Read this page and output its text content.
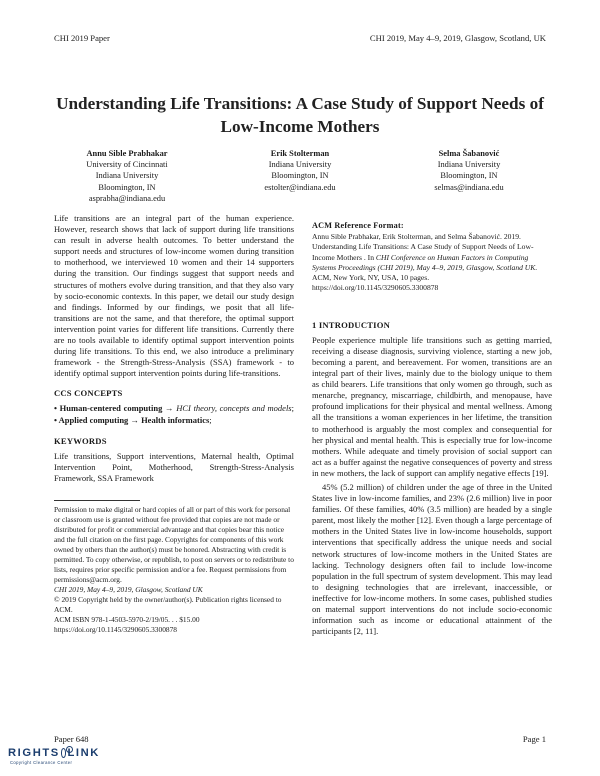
CHI 2019 Paper	CHI 2019, May 4–9, 2019, Glasgow, Scotland, UK
Understanding Life Transitions: A Case Study of Support Needs of Low-Income Mothers
Annu Sible Prabhakar
University of Cincinnati
Indiana University
Bloomington, IN
asprabha@indiana.edu
Erik Stolterman
Indiana University
Bloomington, IN
estolter@indiana.edu
Selma Šabanović
Indiana University
Bloomington, IN
selmas@indiana.edu

Life transitions are an integral part of the human experience. However, research shows that lack of support during life transitions can result in adverse health outcomes. To better understand the support needs and structures of low-income women during transition to motherhood, we interviewed 10 women and their 14 supporters during the transition. Our findings suggest that support needs and structures of mothers evolve during transition, and that they also vary by socio-economic contexts. In this paper, we detail our study design and findings. Informed by our findings, we posit that all life-transitions are not the same, and that therefore, the optimal support intervention point varies for different life transitions. Currently there are no tools available to identify optimal support intervention points during life transitions. To this end, we also introduce a preliminary framework - the Strength-Stress-Analysis (SSA) framework - to identify optimal support intervention points during life-transitions.

CCS CONCEPTS

• Human-centered computing → HCI theory, concepts and models; • Applied computing → Health informatics;

KEYWORDS

Life transitions, Support interventions, Maternal health, Optimal Intervention Point, Motherhood, Strength-Stress-Analysis Framework, SSA Framework

Permission to make digital or hard copies of all or part of this work for personal or classroom use is granted without fee provided that copies are not made or distributed for profit or commercial advantage and that copies bear this notice and the full citation on the first page. Copyrights for components of this work owned by others than the author(s) must be honored. Abstracting with credit is permitted. To copy otherwise, or republish, to post on servers or to redistribute to lists, requires prior specific permission and/or a fee. Request permissions from permissions@acm.org.

CHI 2019, May 4–9, 2019, Glasgow, Scotland UK

© 2019 Copyright held by the owner/author(s). Publication rights licensed to ACM.

ACM ISBN 978-1-4503-5970-2/19/05. . . $15.00

https://doi.org/10.1145/3290605.3300878

ACM Reference Format:

Annu Sible Prabhakar, Erik Stolterman, and Selma Šabanović. 2019. Understanding Life Transitions: A Case Study of Support Needs of Low-Income Mothers . In CHI Conference on Human Factors in Computing Systems Proceedings (CHI 2019), May 4–9, 2019, Glasgow, Scotland UK. ACM, New York, NY, USA, 10 pages. https://doi.org/10.1145/3290605.3300878

1 INTRODUCTION

People experience multiple life transitions such as getting married, receiving a disease diagnosis, surviving violence, starting a new job, becoming a parent, and bereavement. For women, transitions are an integral part of their lives, mainly due to the biology unique to them as child bearers. Life transitions that only women go through, such as menarche, pregnancy, miscarriage, childbirth, and menopause, have profound implications for their physical and mental wellness. Among all the transitions a woman experiences in her lifetime, the transition to motherhood is arguably the most complex and consequential for her physical and mental health. This is especially true for low-income mothers. While adequate and timely provision of social support can act as a buffer against the negative consequences of poverty and stress in new mothers, the lack of support can amplify negative effects [19].

45% (5.2 million) of children under the age of three in the United States live in low-income families, and 23% (2.6 million) live in poor families. Of these families, 40% (3.5 million) are headed by a single parent, most likely the mother [12]. Even though a large percentage of mothers in the United States live in low-income households, support interventions that specifically address the unique needs and social network structures of low-income mothers in the United States are lacking. Technology designers often fail to include low-income population in the full spectrum of system development. This may lead to designing technologies that are irrelevant, inaccessible, or ineffective for low-income mothers. In some cases, published studies on maternal support interventions do not include socio-economic information such as income or educational attainment of the participants [2, 11].

Paper 648	Page 1
RIGHTS LINK
Copyright Clearance Center
